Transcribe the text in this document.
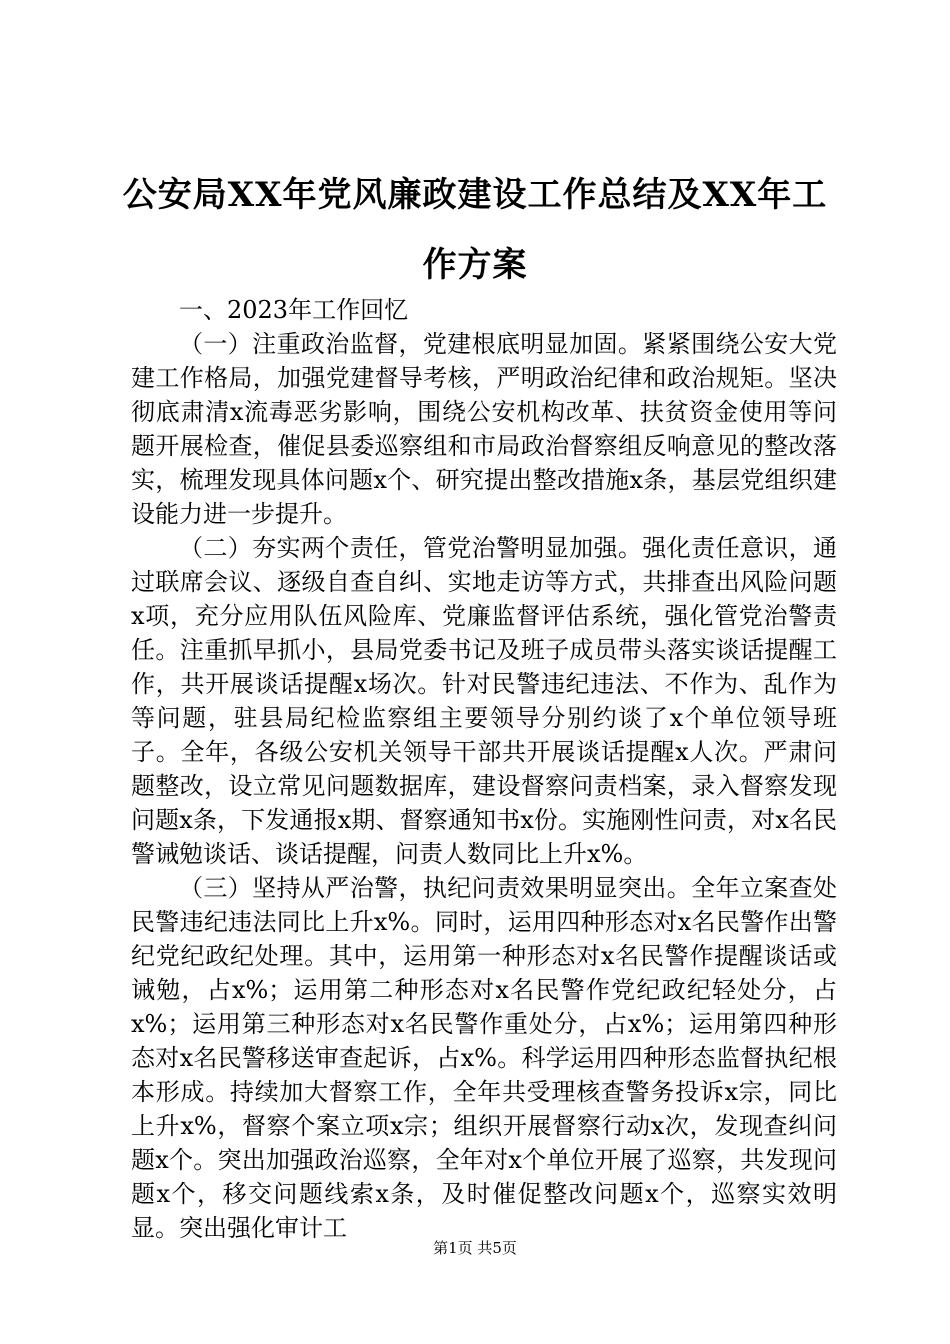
公安局XX年党风廉政建设工作总结及XX年工作方案

一、2023年工作回忆

（一）注重政治监督，党建根底明显加固。紧紧围绕公安大党建工作格局，加强党建督导考核，严明政治纪律和政治规矩。坚决彻底肃清x流毒恶劣影响，围绕公安机构改革、扶贫资金使用等问题开展检查，催促县委巡察组和市局政治督察组反响意见的整改落实，梳理发现具体问题x个、研究提出整改措施x条，基层党组织建设能力进一步提升。

（二）夯实两个责任，管党治警明显加强。强化责任意识，通过联席会议、逐级自查自纠、实地走访等方式，共排查出风险问题x项，充分应用队伍风险库、党廉监督评估系统，强化管党治警责任。注重抓早抓小，县局党委书记及班子成员带头落实谈话提醒工作，共开展谈话提醒x场次。针对民警违纪违法、不作为、乱作为等问题，驻县局纪检监察组主要领导分别约谈了x个单位领导班子。全年，各级公安机关领导干部共开展谈话提醒x人次。严肃问题整改，设立常见问题数据库，建设督察问责档案，录入督察发现问题x条，下发通报x期、督察通知书x份。实施刚性问责，对x名民警诫勉谈话、谈话提醒，问责人数同比上升x%。

（三）坚持从严治警，执纪问责效果明显突出。全年立案查处民警违纪违法同比上升x%。同时，运用四种形态对x名民警作出警纪党纪政纪处理。其中，运用第一种形态对x名民警作提醒谈话或诫勉，占x%；运用第二种形态对x名民警作党纪政纪轻处分，占x%；运用第三种形态对x名民警作重处分，占x%；运用第四种形态对x名民警移送审查起诉，占x%。科学运用四种形态监督执纪根本形成。持续加大督察工作，全年共受理核查警务投诉x宗，同比上升x%，督察个案立项x宗；组织开展督察行动x次，发现查纠问题x个。突出加强政治巡察，全年对x个单位开展了巡察，共发现问题x个，移交问题线索x条，及时催促整改问题x个，巡察实效明显。突出强化审计工

第1页 共5页
